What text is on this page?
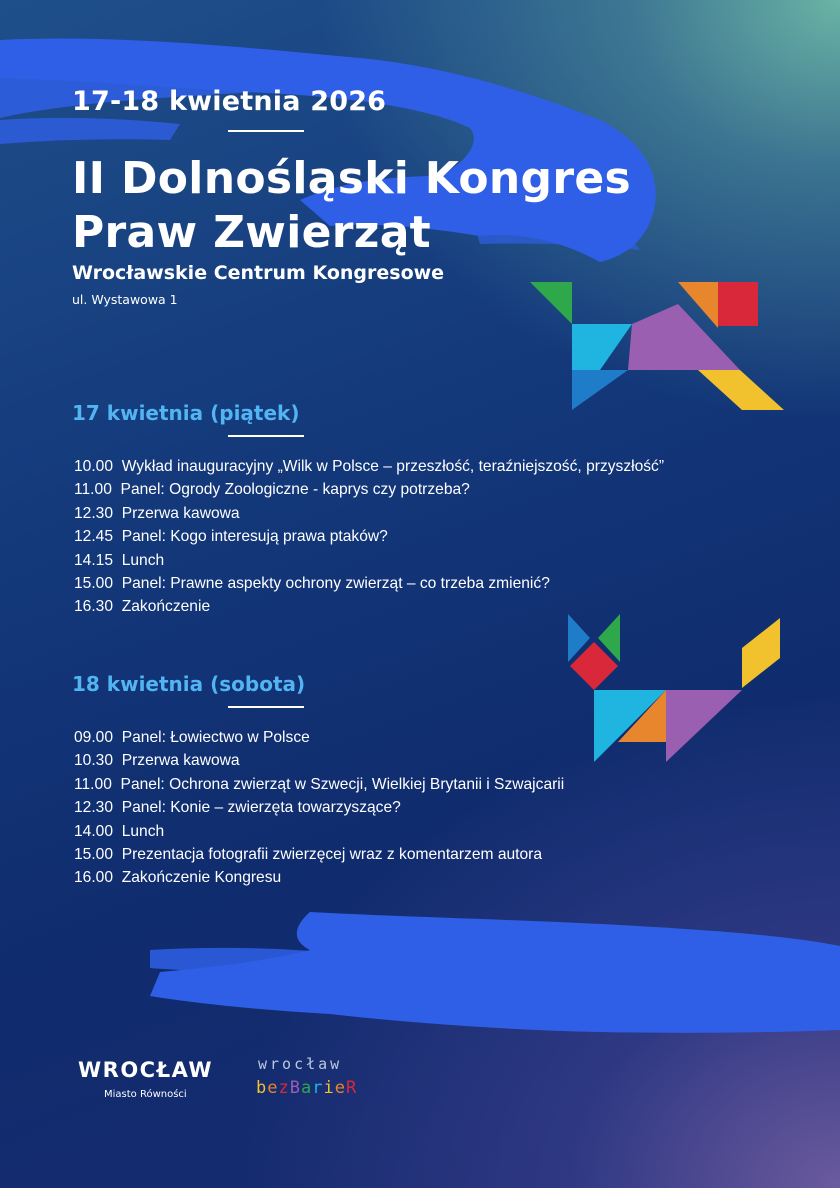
17-18 kwietnia 2026
II Dolnośląski Kongres
Praw Zwierząt
Wrocławskie Centrum Kongresowe
ul. Wystawowa 1
17 kwietnia (piątek)
10.00 Wykład inauguracyjny „Wilk w Polsce – przeszłość, teraźniejszość, przyszłość”
11.00 Panel: Ogrody Zoologiczne - kaprys czy potrzeba?
12.30 Przerwa kawowa
12.45 Panel: Kogo interesują prawa ptaków?
14.15 Lunch
15.00 Panel: Prawne aspekty ochrony zwierząt – co trzeba zmienić?
16.30 Zakończenie
18 kwietnia (sobota)
09.00 Panel: Łowiectwo w Polsce
10.30 Przerwa kawowa
11.00 Panel: Ochrona zwierząt w Szwecji, Wielkiej Brytanii i Szwajcarii
12.30 Panel: Konie – zwierzęta towarzyszące?
14.00 Lunch
15.00 Prezentacja fotografii zwierzęcej wraz z komentarzem autora
16.00 Zakończenie Kongresu
WROCŁAW
Miasto Równości
wrocław
bezBarieR
